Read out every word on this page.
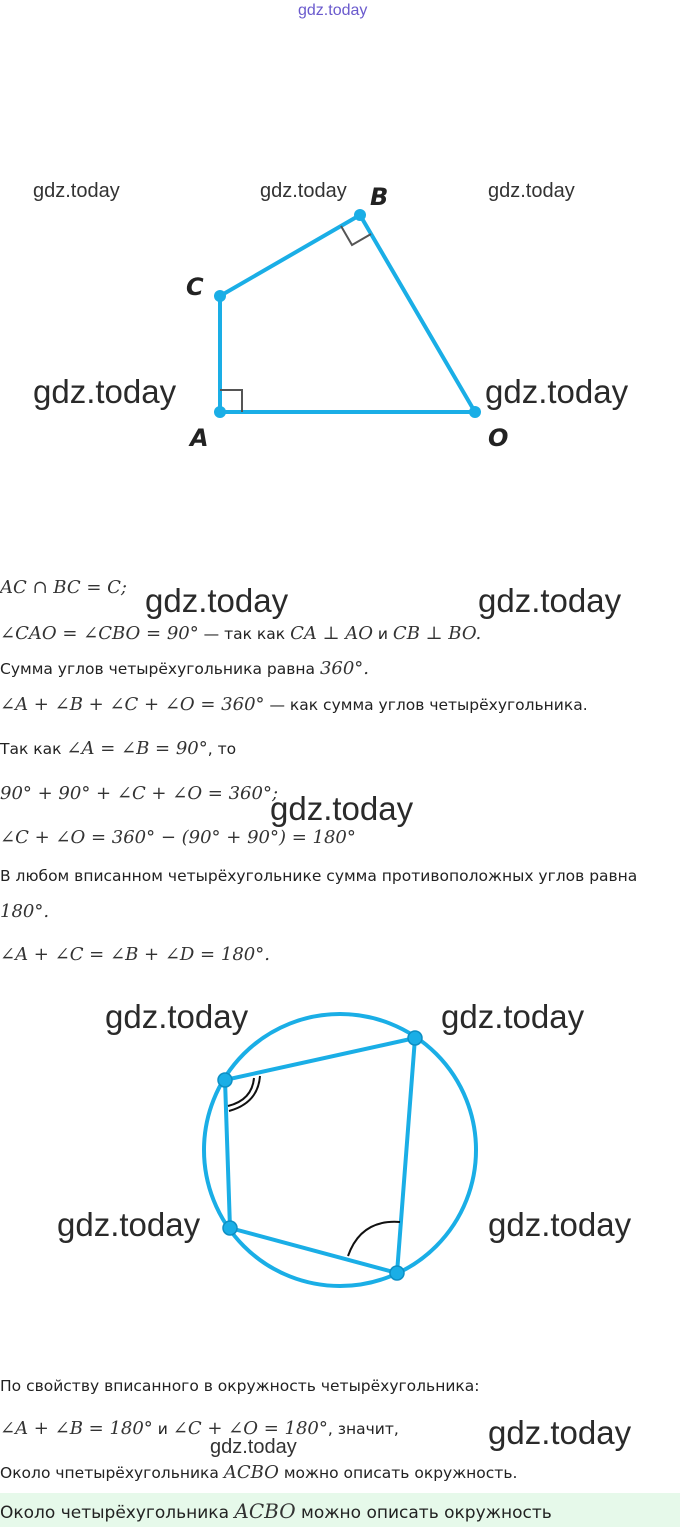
gdz.today
A
C
B
O
gdz.today	gdz.today	gdz.today
gdz.today	gdz.today
AC ∩ BC = C;
∠CAO = ∠CBO = 90° — так как CA ⊥ AO и CB ⊥ BO.
Сумма углов четырёхугольника равна 360°.
∠A + ∠B + ∠C + ∠O = 360° — как сумма углов четырёхугольника.
Так как ∠A = ∠B = 90°, то
90° + 90° + ∠C + ∠O = 360°;
∠C + ∠O = 360° − (90° + 90°) = 180°
В любом вписанном четырёхугольнике сумма противоположных углов равна
180°.
∠A + ∠C = ∠B + ∠D = 180°.
gdz.today	gdz.today
gdz.today
gdz.today	gdz.today
gdz.today	gdz.today
По свойству вписанного в окружность четырёхугольника:
∠A + ∠B = 180° и ∠C + ∠O = 180°, значит,
gdz.today	gdz.today
Около чпетырёхугольника ACBO можно описать окружность.
Около четырёхугольника ACBO можно описать окружность
